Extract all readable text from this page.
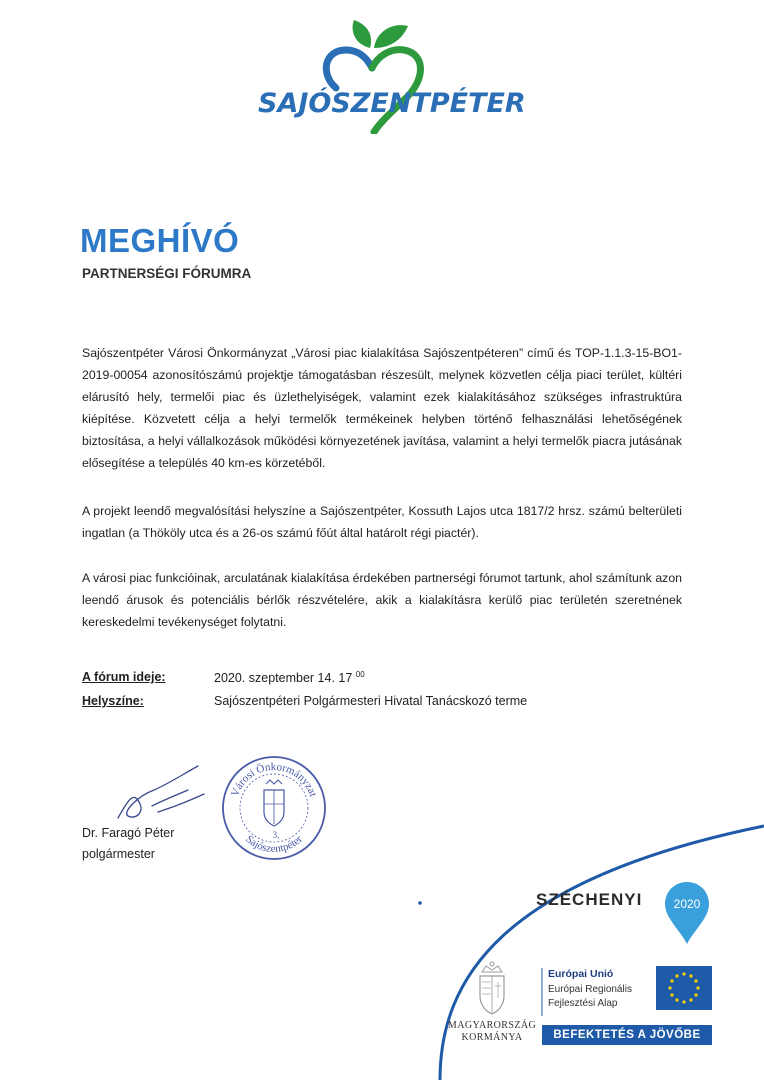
SAJÓSZENTPÉTER
MEGHÍVÓ
PARTNERSÉGI FÓRUMRA
Sajószentpéter Városi Önkormányzat „Városi piac kialakítása Sajószentpéteren” című és TOP-1.1.3-15-BO1-2019-00054 azonosítószámú projektje támogatásban részesült, melynek közvetlen célja piaci terület, kültéri elárusító hely, termelői piac és üzlethelyiségek, valamint ezek kialakításához szükséges infrastruktúra kiépítése. Közvetett célja a helyi termelők termékeinek helyben történő felhasználási lehetőségének biztosítása, a helyi vállalkozások működési környezetének javítása, valamint a helyi termelők piacra jutásának elősegítése a település 40 km-es körzetéből.
A projekt leendő megvalósítási helyszíne a Sajószentpéter, Kossuth Lajos utca 1817/2 hrsz. számú belterületi ingatlan (a Thököly utca és a 26-os számú főút által határolt régi piactér).
A városi piac funkcióinak, arculatának kialakítása érdekében partnerségi fórumot tartunk, ahol számítunk azon leendő árusok és potenciális bérlők részvételére, akik a kialakításra kerülő piac területén szeretnének kereskedelmi tevékenységet folytatni.
A fórum ideje:	2020. szeptember 14. 17 $^{00}$
Helyszíne:	Sajószentpéteri Polgármesteri Hivatal Tanácskozó terme
Városi Önkormányzat
Sajószentpéter
3.
Dr. Faragó Péter
polgármester
SZÉCHENYI	2020
MAGYARORSZÁG
KORMÁNYA
Európai Unió
Európai Regionális
Fejlesztési Alap
BEFEKTETÉS A JÖVŐBE
